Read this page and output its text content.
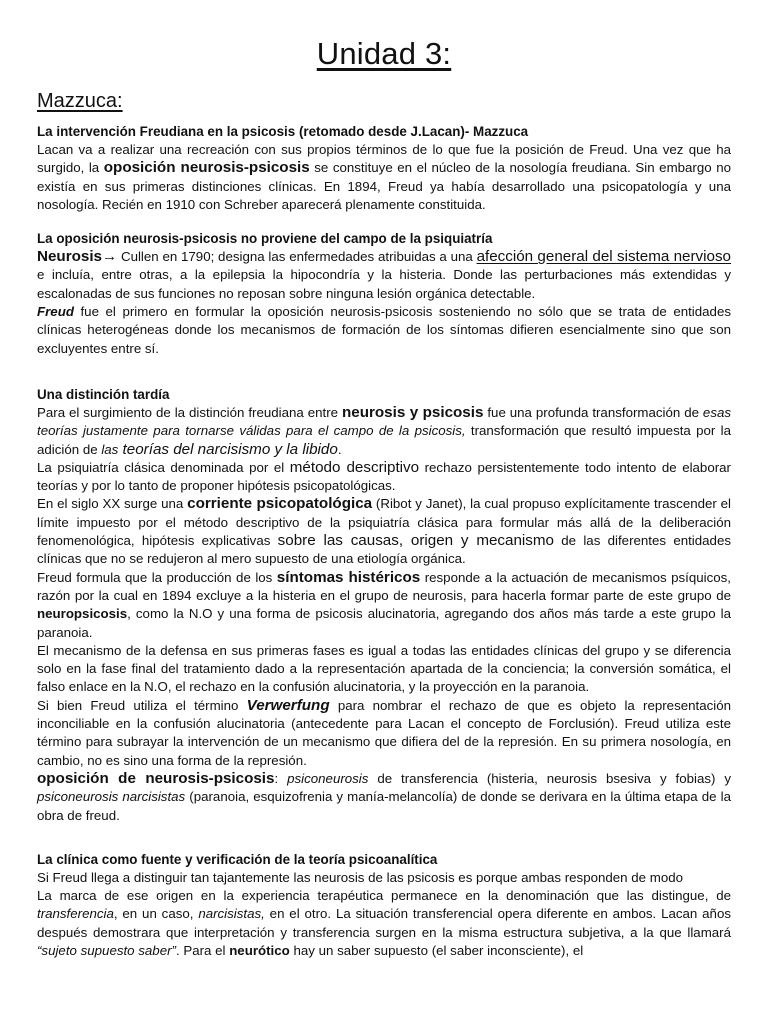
Unidad 3:
Mazzuca:
La intervención Freudiana en la psicosis (retomado desde J.Lacan)- Mazzuca

Lacan va a realizar una recreación con sus propios términos de lo que fue la posición de Freud. Una vez que ha surgido, la oposición neurosis-psicosis se constituye en el núcleo de la nosología freudiana. Sin embargo no existía en sus primeras distinciones clínicas. En 1894, Freud ya había desarrollado una psicopatología y una nosología. Recién en 1910 con Schreber aparecerá plenamente constituida.

La oposición neurosis-psicosis no proviene del campo de la psiquiatría

Neurosis→ Cullen en 1790; designa las enfermedades atribuidas a una afección general del sistema nervioso e incluía, entre otras, a la epilepsia la hipocondría y la histeria. Donde las perturbaciones más extendidas y escalonadas de sus funciones no reposan sobre ninguna lesión orgánica detectable.

Freud fue el primero en formular la oposición neurosis-psicosis sosteniendo no sólo que se trata de entidades clínicas heterogéneas donde los mecanismos de formación de los síntomas difieren esencialmente sino que son excluyentes entre sí.

Una distinción tardía

Para el surgimiento de la distinción freudiana entre neurosis y psicosis fue una profunda transformación de esas teorías justamente para tornarse válidas para el campo de la psicosis, transformación que resultó impuesta por la adición de las teorías del narcisismo y la libido.

La psiquiatría clásica denominada por el método descriptivo rechazo persistentemente todo intento de elaborar teorías y por lo tanto de proponer hipótesis psicopatológicas.

En el siglo XX surge una corriente psicopatológica (Ribot y Janet), la cual propuso explícitamente trascender el límite impuesto por el método descriptivo de la psiquiatría clásica para formular más allá de la deliberación fenomenológica, hipótesis explicativas sobre las causas, origen y mecanismo de las diferentes entidades clínicas que no se redujeron al mero supuesto de una etiología orgánica.

Freud formula que la producción de los síntomas histéricos responde a la actuación de mecanismos psíquicos, razón por la cual en 1894 excluye a la histeria en el grupo de neurosis, para hacerla formar parte de este grupo de neuropsicosis, como la N.O y una forma de psicosis alucinatoria, agregando dos años más tarde a este grupo la paranoia.

El mecanismo de la defensa en sus primeras fases es igual a todas las entidades clínicas del grupo y se diferencia solo en la fase final del tratamiento dado a la representación apartada de la conciencia; la conversión somática, el falso enlace en la N.O, el rechazo en la confusión alucinatoria, y la proyección en la paranoia.

Si bien Freud utiliza el término Verwerfung para nombrar el rechazo de que es objeto la representación inconciliable en la confusión alucinatoria (antecedente para Lacan el concepto de Forclusión). Freud utiliza este término para subrayar la intervención de un mecanismo que difiera del de la represión. En su primera nosología, en cambio, no es sino una forma de la represión.

oposición de neurosis-psicosis: psiconeurosis de transferencia (histeria, neurosis bsesiva y fobias) y psiconeurosis narcisistas (paranoia, esquizofrenia y manía-melancolía) de donde se derivara en la última etapa de la obra de freud.

La clínica como fuente y verificación de la teoría psicoanalítica

Si Freud llega a distinguir tan tajantemente las neurosis de las psicosis es porque ambas responden de modo

La marca de ese origen en la experiencia terapéutica permanece en la denominación que las distingue, de transferencia, en un caso, narcisistas, en el otro. La situación transferencial opera diferente en ambos. Lacan años después demostrara que interpretación y transferencia surgen en la misma estructura subjetiva, a la que llamará “sujeto supuesto saber”. Para el neurótico hay un saber supuesto (el saber inconsciente), el
